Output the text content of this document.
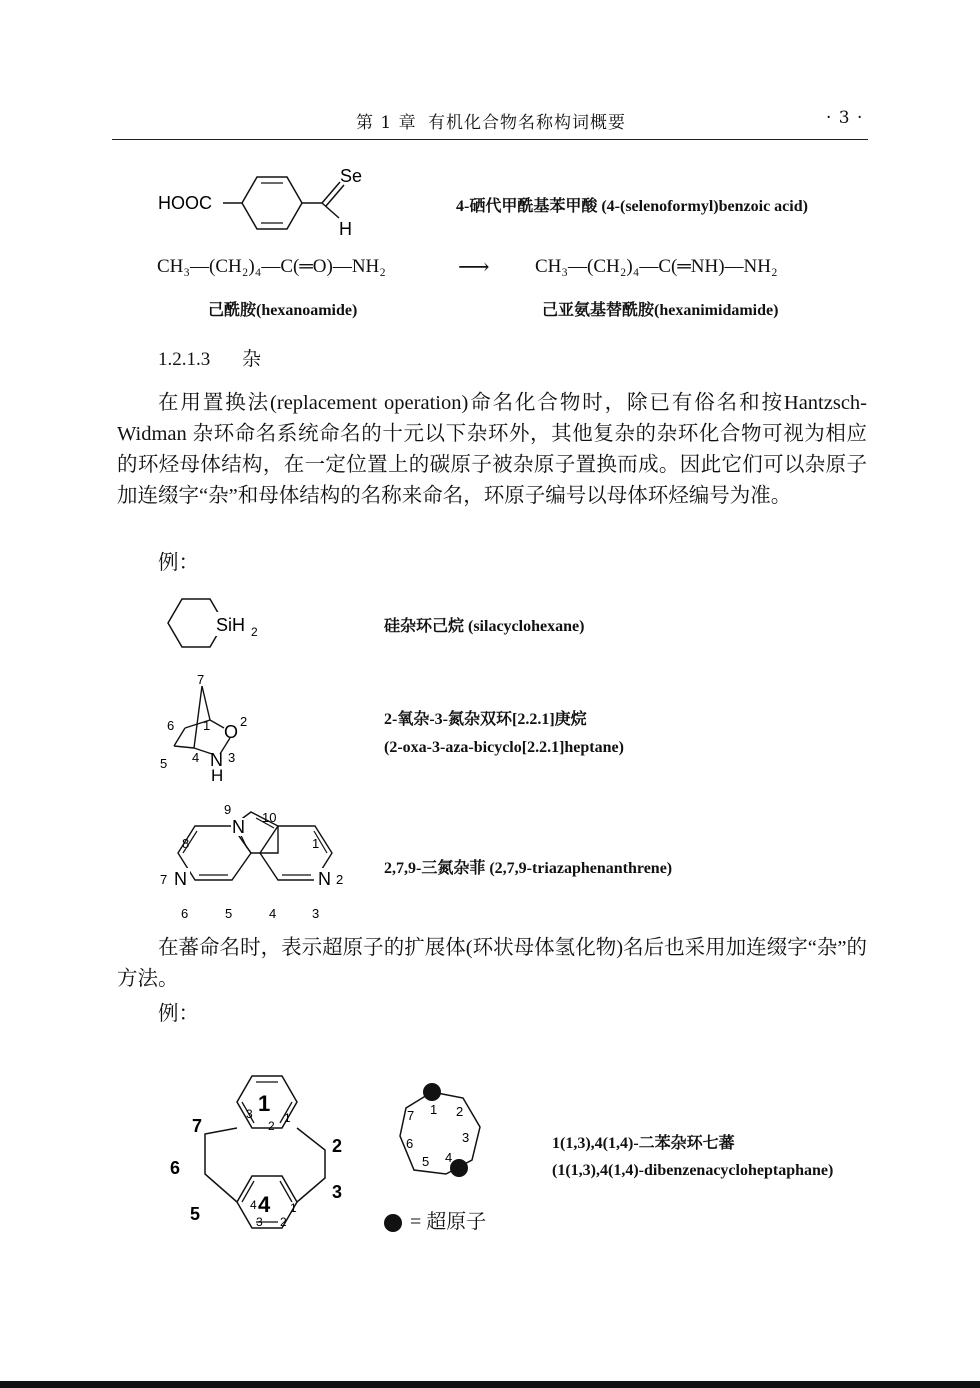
第 1 章 有机化合物名称构词概要	· 3 ·
HOOC
Se
H
4-硒代甲酰基苯甲酸 (4-(selenoformyl)benzoic acid)
CH₃—(CH₂)₄—C(═O)—NH₂	⟶ CH₃—(CH₂)₄—C(═NH)—NH₂
己酰胺(hexanoamide)	己亚氨基替酰胺(hexanimidamide)
1.2.1.3 杂
在用置换法(replacement operation)命名化合物时，除已有俗名和按Hantzsch-Widman 杂环命名系统命名的十元以下杂环外，其他复杂的杂环化合物可视为相应的环烃母体结构，在一定位置上的碳原子被杂原子置换而成。因此它们可以杂原子加连缀字“杂”和母体结构的名称来命名，环原子编号以母体环烃编号为准。
例：
SiH 2	硅杂环己烷 (silacyclohexane)
O
N
H
7
6 1 2
5 4 3
2-氧杂-3-氮杂双环[2.2.1]庚烷
(2-oxa-3-aza-bicyclo[2.2.1]heptane)
N
N	N
9
10
8	1
7	2
6	5	4	3
2,7,9-三氮杂菲 (2,7,9-triazaphenanthrene)
在蕃命名时，表示超原子的扩展体(环状母体氢化物)名后也采用加连缀字“杂”的方法。
例：
1
2
3
4
5
6
7
3
2
1
4
3 2
1
7 1 2
6	3
5 4
= 超原子
1(1,3),4(1,4)-二苯杂环七蕃
(1(1,3),4(1,4)-dibenzenacycloheptaphane)
